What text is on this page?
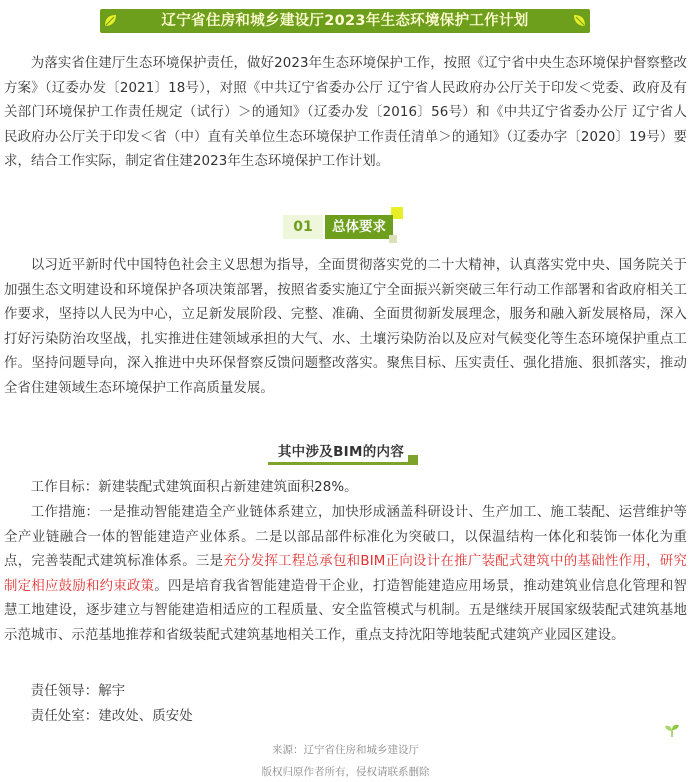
辽宁省住房和城乡建设厅2023年生态环境保护工作计划

为落实省住建厅生态环境保护责任，做好2023年生态环境保护工作，按照《辽宁省中央生态环境保护督察整改方案》（辽委办发〔2021〕18号），对照《中共辽宁省委办公厅 辽宁省人民政府办公厅关于印发＜党委、政府及有关部门环境保护工作责任规定（试行）＞的通知》（辽委办发〔2016〕56号）和《中共辽宁省委办公厅 辽宁省人民政府办公厅关于印发＜省（中）直有关单位生态环境保护工作责任清单＞的通知》（辽委办字〔2020〕19号）要求，结合工作实际，制定省住建2023年生态环境保护工作计划。

01	总体要求

以习近平新时代中国特色社会主义思想为指导，全面贯彻落实党的二十大精神，认真落实党中央、国务院关于加强生态文明建设和环境保护各项决策部署，按照省委实施辽宁全面振兴新突破三年行动工作部署和省政府相关工作要求，坚持以人民为中心，立足新发展阶段、完整、准确、全面贯彻新发展理念，服务和融入新发展格局，深入打好污染防治攻坚战，扎实推进住建领域承担的大气、水、土壤污染防治以及应对气候变化等生态环境保护重点工作。坚持问题导向，深入推进中央环保督察反馈问题整改落实。聚焦目标、压实责任、强化措施、狠抓落实，推动全省住建领域生态环境保护工作高质量发展。

其中涉及BIM的内容

工作目标：新建装配式建筑面积占新建建筑面积28%。

工作措施：一是推动智能建造全产业链体系建立，加快形成涵盖科研设计、生产加工、施工装配、运营维护等全产业链融合一体的智能建造产业体系。二是以部品部件标准化为突破口，以保温结构一体化和装饰一体化为重点，完善装配式建筑标准体系。三是充分发挥工程总承包和BIM正向设计在推广装配式建筑中的基础性作用，研究制定相应鼓励和约束政策。四是培育我省智能建造骨干企业，打造智能建造应用场景，推动建筑业信息化管理和智慧工地建设，逐步建立与智能建造相适应的工程质量、安全监管模式与机制。五是继续开展国家级装配式建筑基地示范城市、示范基地推荐和省级装配式建筑基地相关工作，重点支持沈阳等地装配式建筑产业园区建设。

责任领导：解宇

责任处室：建改处、质安处

来源：辽宁省住房和城乡建设厅
版权归原作者所有，侵权请联系删除
